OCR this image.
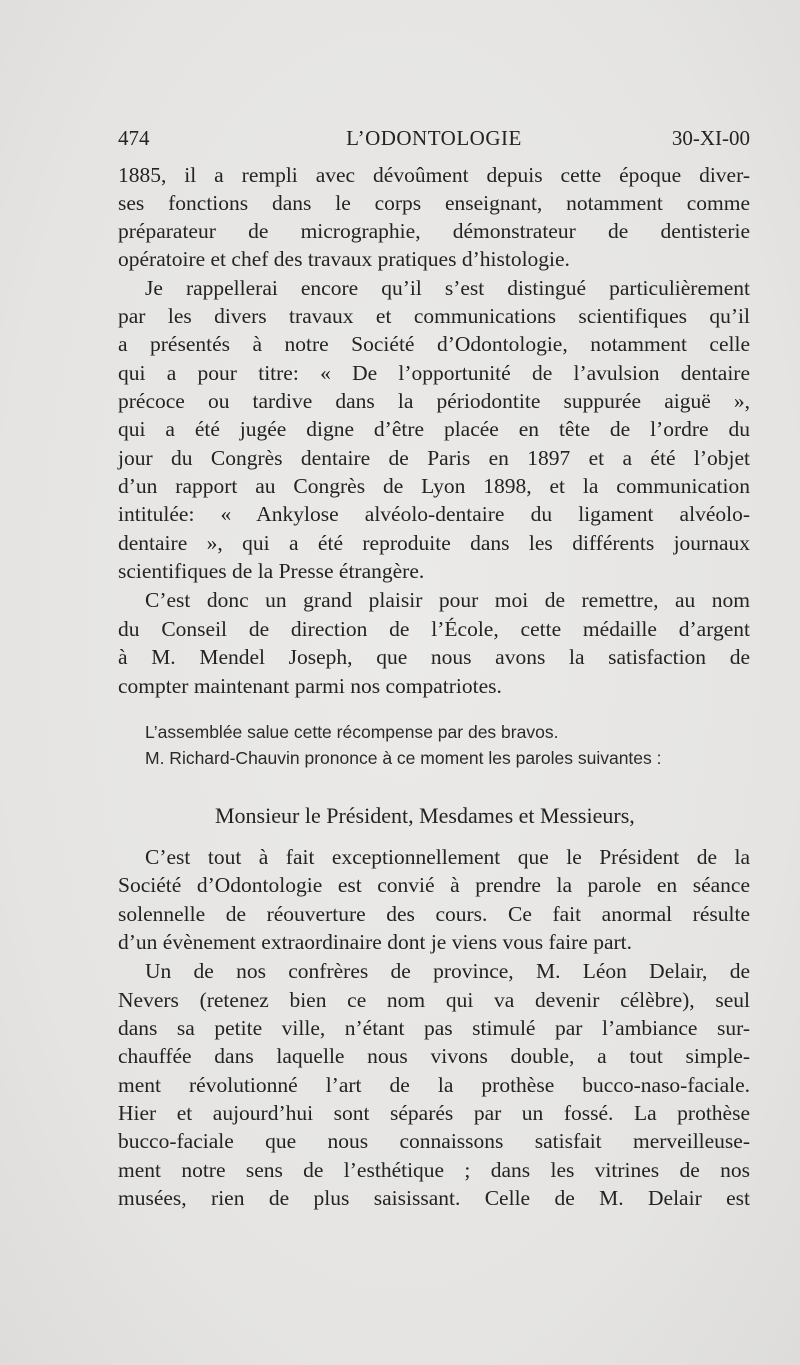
L’ODONTOLOGIE
474	30-XI-00
1885, il a rempli avec dévoûment depuis cette époque diver-
ses fonctions dans le corps enseignant, notamment comme
préparateur de micrographie, démonstrateur de dentisterie
opératoire et chef des travaux pratiques d’histologie.
Je rappellerai encore qu’il s’est distingué particulièrement
par les divers travaux et communications scientifiques qu’il
a présentés à notre Société d’Odontologie, notamment celle
qui a pour titre: « De l’opportunité de l’avulsion dentaire
précoce ou tardive dans la périodontite suppurée aiguë »,
qui a été jugée digne d’être placée en tête de l’ordre du
jour du Congrès dentaire de Paris en 1897 et a été l’objet
d’un rapport au Congrès de Lyon 1898, et la communication
intitulée: « Ankylose alvéolo-dentaire du ligament alvéolo-
dentaire », qui a été reproduite dans les différents journaux
scientifiques de la Presse étrangère.
C’est donc un grand plaisir pour moi de remettre, au nom
du Conseil de direction de l’École, cette médaille d’argent
à M. Mendel Joseph, que nous avons la satisfaction de
compter maintenant parmi nos compatriotes.
L’assemblée salue cette récompense par des bravos.
M. Richard-Chauvin prononce à ce moment les paroles suivantes :
Monsieur le Président, Mesdames et Messieurs,
C’est tout à fait exceptionnellement que le Président de la
Société d’Odontologie est convié à prendre la parole en séance
solennelle de réouverture des cours. Ce fait anormal résulte
d’un évènement extraordinaire dont je viens vous faire part.
Un de nos confrères de province, M. Léon Delair, de
Nevers (retenez bien ce nom qui va devenir célèbre), seul
dans sa petite ville, n’étant pas stimulé par l’ambiance sur-
chauffée dans laquelle nous vivons double, a tout simple-
ment révolutionné l’art de la prothèse bucco-naso-faciale.
Hier et aujourd’hui sont séparés par un fossé. La prothèse
bucco-faciale que nous connaissons satisfait merveilleuse-
ment notre sens de l’esthétique ; dans les vitrines de nos
musées, rien de plus saisissant. Celle de M. Delair est
